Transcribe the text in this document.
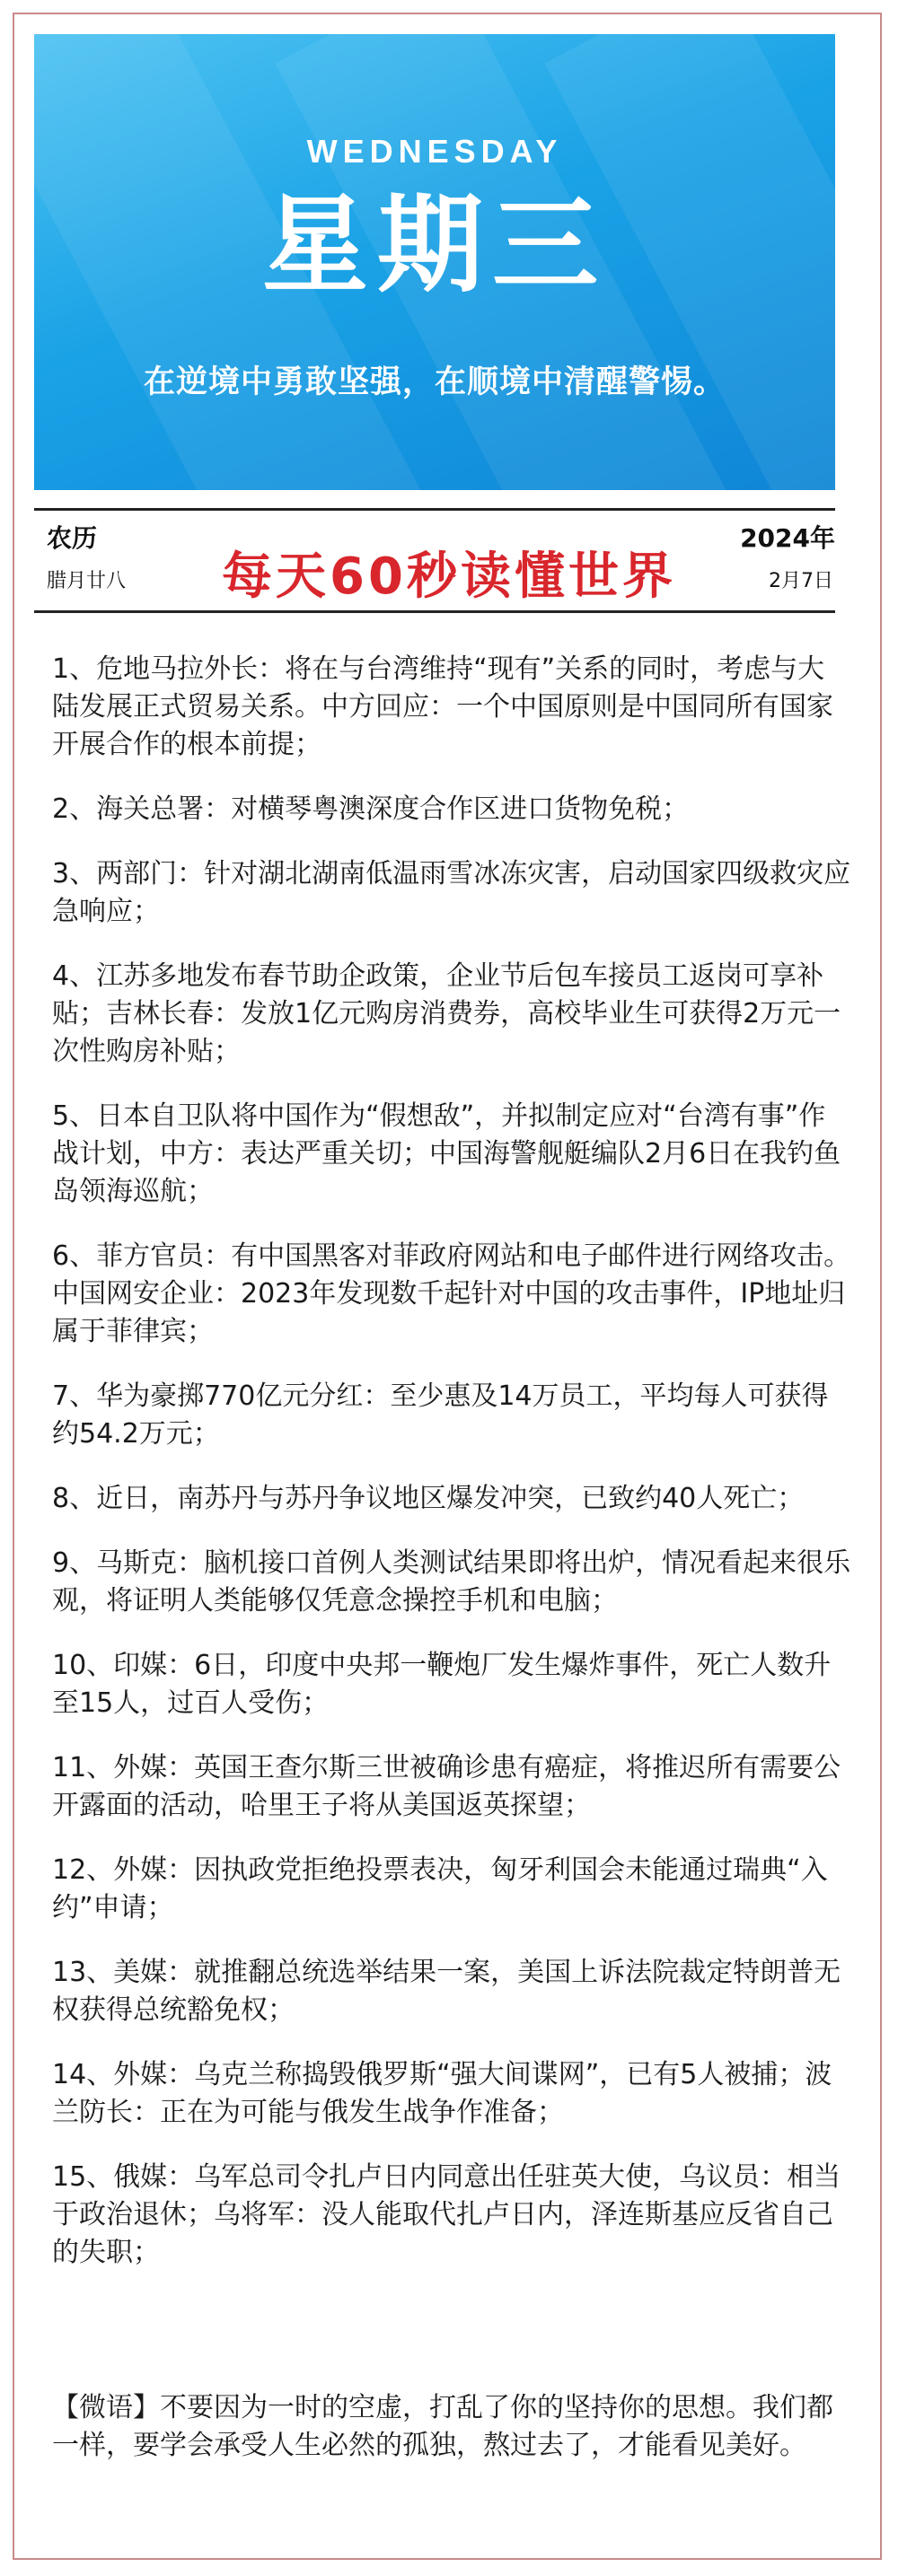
WEDNESDAY
星期三
在逆境中勇敢坚强，在顺境中清醒警惕。
农历
腊月廿八	每天60秒读懂世界
2024年
2月7日
1、危地马拉外长：将在与台湾维持“现有”关系的同时，考虑与大陆发展正式贸易关系。中方回应：一个中国原则是中国同所有国家开展合作的根本前提；
2、海关总署：对横琴粤澳深度合作区进口货物免税；
3、两部门：针对湖北湖南低温雨雪冰冻灾害，启动国家四级救灾应急响应；
4、江苏多地发布春节助企政策，企业节后包车接员工返岗可享补贴；吉林长春：发放1亿元购房消费券，高校毕业生可获得2万元一次性购房补贴；
5、日本自卫队将中国作为“假想敌”，并拟制定应对“台湾有事”作战计划，中方：表达严重关切；中国海警舰艇编队2月6日在我钓鱼岛领海巡航；
6、菲方官员：有中国黑客对菲政府网站和电子邮件进行网络攻击。中国网安企业：2023年发现数千起针对中国的攻击事件，IP地址归属于菲律宾；
7、华为豪掷770亿元分红：至少惠及14万员工，平均每人可获得约54.2万元；
8、近日，南苏丹与苏丹争议地区爆发冲突，已致约40人死亡；
9、马斯克：脑机接口首例人类测试结果即将出炉，情况看起来很乐观，将证明人类能够仅凭意念操控手机和电脑；
10、印媒：6日，印度中央邦一鞭炮厂发生爆炸事件，死亡人数升至15人，过百人受伤；
11、外媒：英国王查尔斯三世被确诊患有癌症，将推迟所有需要公开露面的活动，哈里王子将从美国返英探望；
12、外媒：因执政党拒绝投票表决，匈牙利国会未能通过瑞典“入约”申请；
13、美媒：就推翻总统选举结果一案，美国上诉法院裁定特朗普无权获得总统豁免权；
14、外媒：乌克兰称捣毁俄罗斯“强大间谍网”，已有5人被捕；波兰防长：正在为可能与俄发生战争作准备；
15、俄媒：乌军总司令扎卢日内同意出任驻英大使，乌议员：相当于政治退休；乌将军：没人能取代扎卢日内，泽连斯基应反省自己的失职；
【微语】不要因为一时的空虚，打乱了你的坚持你的思想。我们都一样，要学会承受人生必然的孤独，熬过去了，才能看见美好。
